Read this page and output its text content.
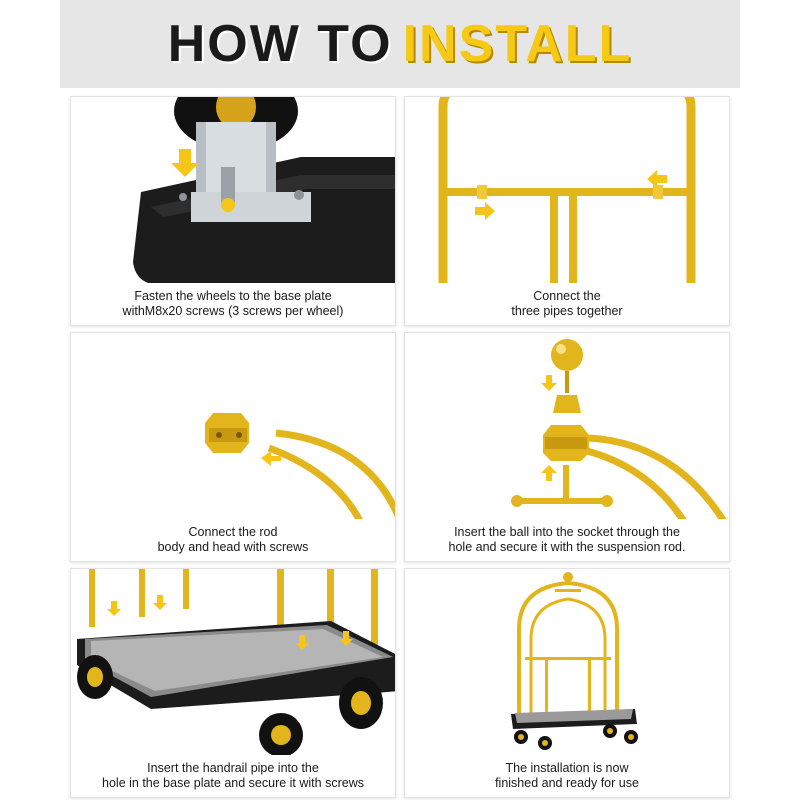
HOW TO INSTALL
Fasten the wheels to the base plate
withM8x20 screws (3 screws per wheel)
Connect the
three pipes together
Connect the rod
body and head with screws
Insert the ball into the socket through the
hole and secure it with the suspension rod.
Insert the handrail pipe into the
hole in the base plate and secure it with screws
The installation is now
finished and ready for use
